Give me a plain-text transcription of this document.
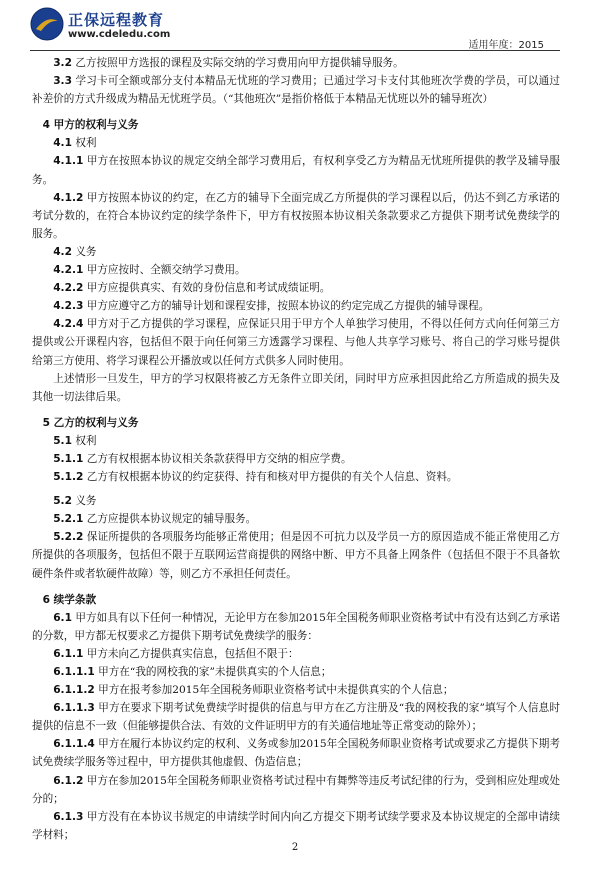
正保远程教育
www.cdeledu.com
适用年度：2015

3.2 乙方按照甲方选报的课程及实际交纳的学习费用向甲方提供辅导服务。

3.3 学习卡可全额或部分支付本精品无忧班的学习费用；已通过学习卡支付其他班次学费的学员，可以通过补差价的方式升级成为精品无忧班学员。（“其他班次”是指价格低于本精品无忧班以外的辅导班次）

4 甲方的权利与义务

4.1 权利

4.1.1 甲方在按照本协议的规定交纳全部学习费用后，有权利享受乙方为精品无忧班所提供的教学及辅导服务。

4.1.2 甲方按照本协议的约定，在乙方的辅导下全面完成乙方所提供的学习课程以后，仍达不到乙方承诺的考试分数的，在符合本协议约定的续学条件下，甲方有权按照本协议相关条款要求乙方提供下期考试免费续学的服务。

4.2 义务

4.2.1 甲方应按时、全额交纳学习费用。

4.2.2 甲方应提供真实、有效的身份信息和考试成绩证明。

4.2.3 甲方应遵守乙方的辅导计划和课程安排，按照本协议的约定完成乙方提供的辅导课程。

4.2.4 甲方对于乙方提供的学习课程，应保证只用于甲方个人单独学习使用，不得以任何方式向任何第三方提供或公开课程内容，包括但不限于向任何第三方透露学习课程、与他人共享学习账号、将自己的学习账号提供给第三方使用、将学习课程公开播放或以任何方式供多人同时使用。

上述情形一旦发生，甲方的学习权限将被乙方无条件立即关闭，同时甲方应承担因此给乙方所造成的损失及其他一切法律后果。

5 乙方的权利与义务

5.1 权利

5.1.1 乙方有权根据本协议相关条款获得甲方交纳的相应学费。

5.1.2 乙方有权根据本协议的约定获得、持有和核对甲方提供的有关个人信息、资料。

5.2 义务

5.2.1 乙方应提供本协议规定的辅导服务。

5.2.2 保证所提供的各项服务均能够正常使用；但是因不可抗力以及学员一方的原因造成不能正常使用乙方所提供的各项服务，包括但不限于互联网运营商提供的网络中断、甲方不具备上网条件（包括但不限于不具备软硬件条件或者软硬件故障）等，则乙方不承担任何责任。

6 续学条款

6.1 甲方如具有以下任何一种情况，无论甲方在参加2015年全国税务师职业资格考试中有没有达到乙方承诺的分数，甲方都无权要求乙方提供下期考试免费续学的服务：

6.1.1 甲方未向乙方提供真实信息，包括但不限于：

6.1.1.1 甲方在“我的网校我的家”未提供真实的个人信息；

6.1.1.2 甲方在报考参加2015年全国税务师职业资格考试中未提供真实的个人信息；

6.1.1.3 甲方在要求下期考试免费续学时提供的信息与甲方在乙方注册及“我的网校我的家”填写个人信息时提供的信息不一致（但能够提供合法、有效的文件证明甲方的有关通信地址等正常变动的除外）；

6.1.1.4 甲方在履行本协议约定的权利、义务或参加2015年全国税务师职业资格考试或要求乙方提供下期考试免费续学服务等过程中，甲方提供其他虚假、伪造信息；

6.1.2 甲方在参加2015年全国税务师职业资格考试过程中有舞弊等违反考试纪律的行为，受到相应处理或处分的；

6.1.3 甲方没有在本协议书规定的申请续学时间内向乙方提交下期考试续学要求及本协议规定的全部申请续学材料；

2
